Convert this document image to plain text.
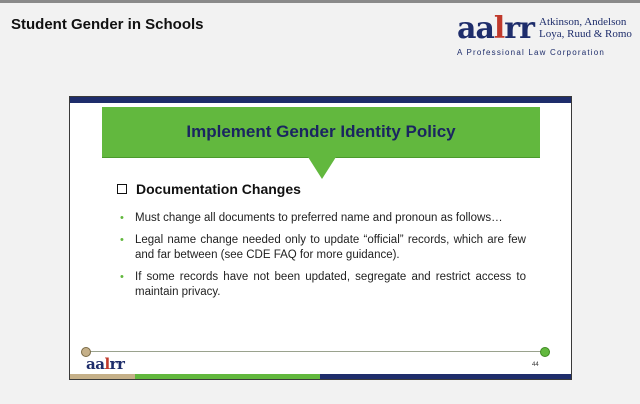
Student Gender in Schools	aalrr Atkinson, Andelson
Loya, Ruud & Romo
A Professional Law Corporation
Implement Gender Identity Policy
Documentation Changes
• Must change all documents to preferred name and pronoun as follows…
• Legal name change needed only to update “official” records, which are few and far between (see CDE FAQ for more guidance).
• If some records have not been updated, segregate and restrict access to maintain privacy.
aalrr	44
